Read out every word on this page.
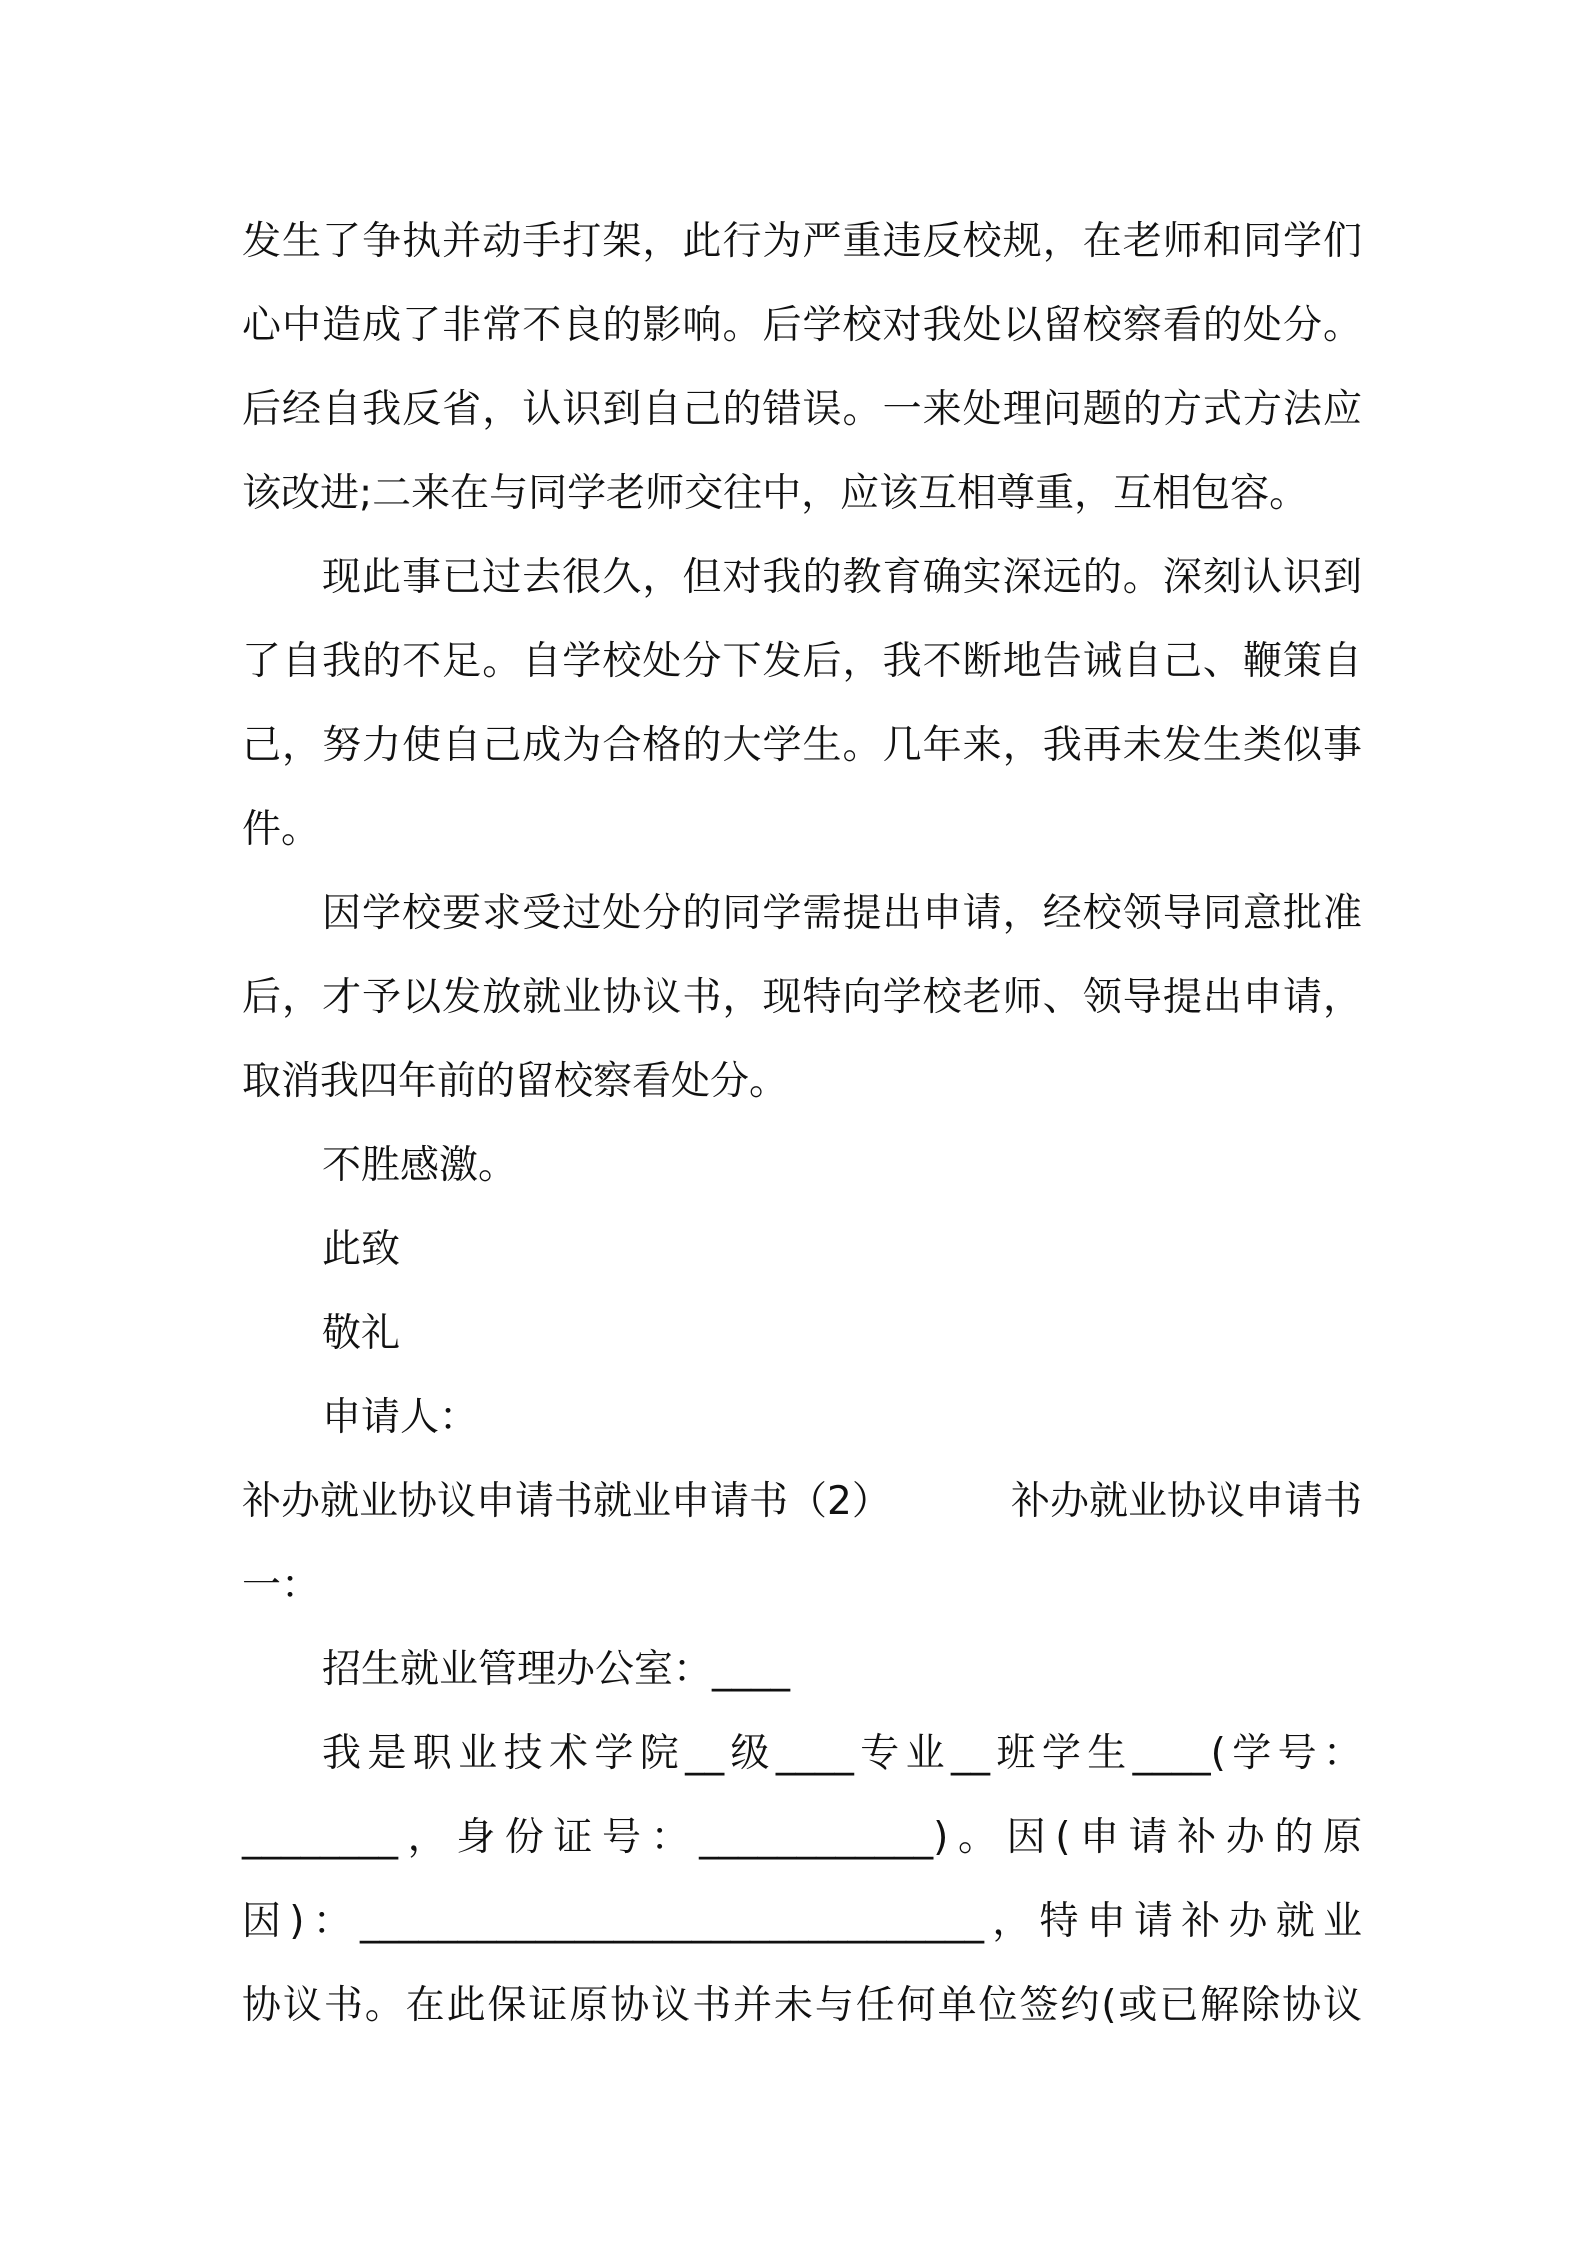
发生了争执并动手打架，此行为严重违反校规，在老师和同学们
心中造成了非常不良的影响。后学校对我处以留校察看的处分。
后经自我反省，认识到自己的错误。一来处理问题的方式方法应
该改进;二来在与同学老师交往中，应该互相尊重，互相包容。
现此事已过去很久，但对我的教育确实深远的。深刻认识到
了自我的不足。自学校处分下发后，我不断地告诫自己、鞭策自
己，努力使自己成为合格的大学生。几年来，我再未发生类似事
件。
因学校要求受过处分的同学需提出申请，经校领导同意批准
后，才予以发放就业协议书，现特向学校老师、领导提出申请，
取消我四年前的留校察看处分。
不胜感激。
此致
敬礼
申请人：
补办就业协议申请书就业申请书（2）	补办就业协议申请书
一：
招生就业管理办公室：____
我是职业技术学院__级____专业__班学生____(学号：
________，身份证号：____________)。因(申请补办的原
因)：________________________________，特申请补办就业
协议书。在此保证原协议书并未与任何单位签约(或已解除协议
